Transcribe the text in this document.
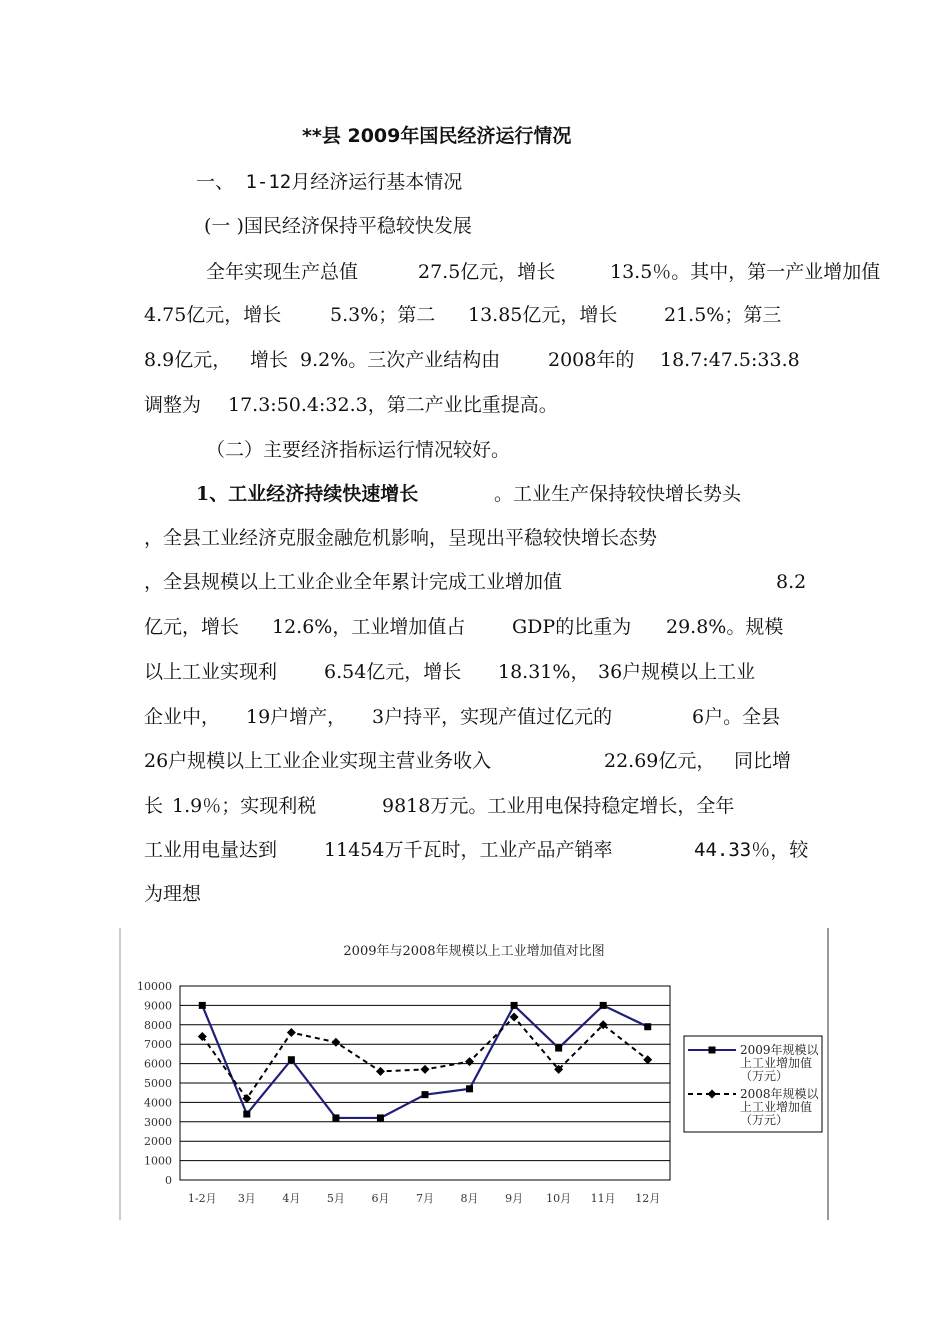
**县 2009年国民经济运行情况
一、 1-12月经济运行基本情况
(一 )国民经济保持平稳较快发展
全年实现生产总值	27.5亿元，增长	13.5％。其中，第一产业增加值
4.75亿元，增长	5.3%；第二 13.85亿元，增长 21.5%；第三
8.9亿元， 增长 9.2%。三次产业结构由	2008年的 18.7:47.5:33.8
调整为 17.3:50.4:32.3，第二产业比重提高。
（二）主要经济指标运行情况较好。
1、工业经济持续快速增长	。工业生产保持较快增长势头
，全县工业经济克服金融危机影响，呈现出平稳较快增长态势
，全县规模以上工业企业全年累计完成工业增加值	8.2
亿元，增长 12.6%，工业增加值占 GDP的比重为 29.8%。规模
以上工业实现利 6.54亿元，增长 18.31%， 36户规模以上工业
企业中， 19户增产， 3户持平，实现产值过亿元的	6户。全县
26户规模以上工业企业实现主营业务收入	22.69亿元， 同比增
长 1.9％；实现利税	9818万元。工业用电保持稳定增长，全年
工业用电量达到 11454万千瓦时，工业产品产销率	44.33％，较
为理想
2009年与2008年规模以上工业增加值对比图
0
1000
2000
3000
4000
5000
6000
7000
8000
9000
10000
1-2月 3月 4月 5月 6月 7月 8月 9月 10月 11月 12月
2009年规模以
上工业增加值
（万元）
2008年规模以
上工业增加值
（万元）
